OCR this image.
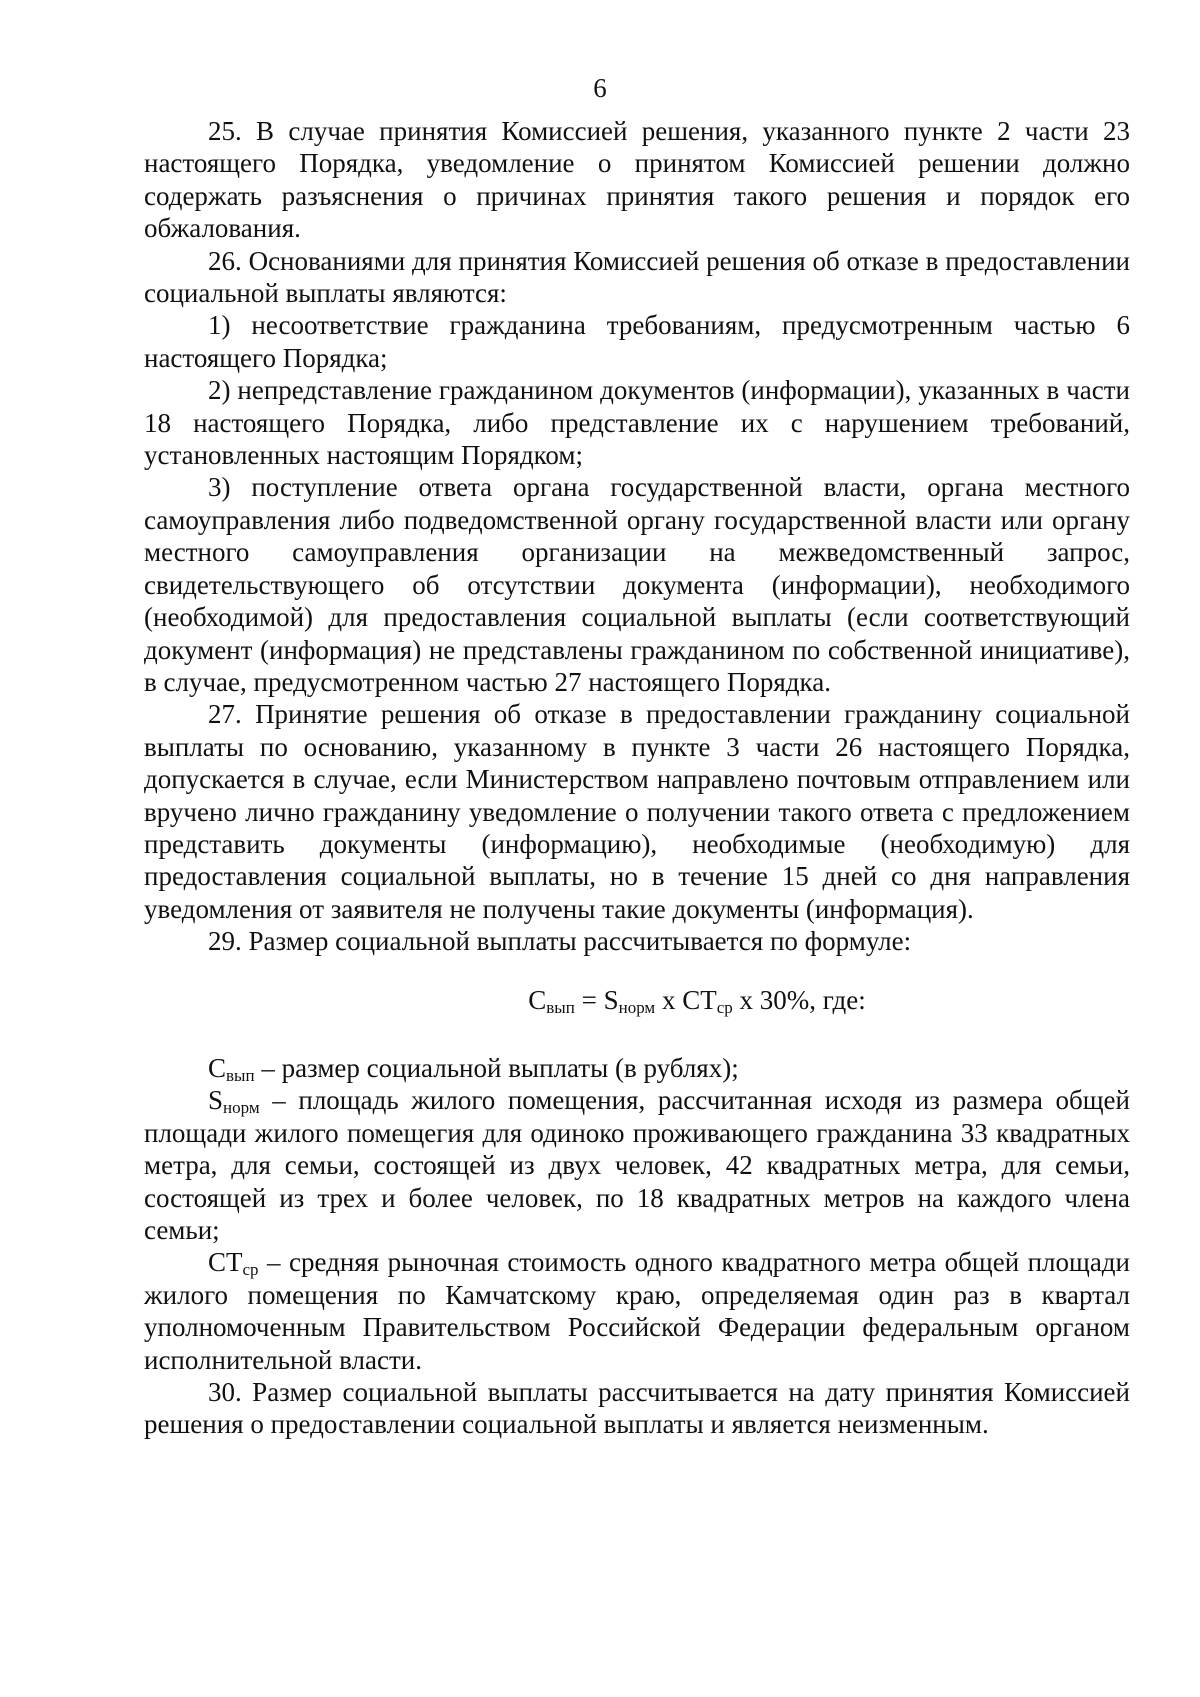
6

25. В случае принятия Комиссией решения, указанного пункте 2 части 23 настоящего Порядка, уведомление о принятом Комиссией решении должно содержать разъяснения о причинах принятия такого решения и порядок его обжалования.

26. Основаниями для принятия Комиссией решения об отказе в предоставлении социальной выплаты являются:

1) несоответствие гражданина требованиям, предусмотренным частью 6 настоящего Порядка;

2) непредставление гражданином документов (информации), указанных в части 18 настоящего Порядка, либо представление их с нарушением требований, установленных настоящим Порядком;

3) поступление ответа органа государственной власти, органа местного самоуправления либо подведомственной органу государственной власти или органу местного самоуправления организации на межведомственный запрос, свидетельствующего об отсутствии документа (информации), необходимого (необходимой) для предоставления социальной выплаты (если соответствующий документ (информация) не представлены гражданином по собственной инициативе), в случае, предусмотренном частью 27 настоящего Порядка.

27. Принятие решения об отказе в предоставлении гражданину социальной выплаты по основанию, указанному в пункте 3 части 26 настоящего Порядка, допускается в случае, если Министерством направлено почтовым отправлением или вручено лично гражданину уведомление о получении такого ответа с предложением представить документы (информацию), необходимые (необходимую) для предоставления социальной выплаты, но в течение 15 дней со дня направления уведомления от заявителя не получены такие документы (информация).

29. Размер социальной выплаты рассчитывается по формуле:

$С_{вып} = S_{норм}$ х $СТ_{ср}$ х 30%, где:

$С_{вып}$ – размер социальной выплаты (в рублях);

$S_{норм}$ – площадь жилого помещения, рассчитанная исходя из размера общей площади жилого помещегия для одиноко проживающего гражданина 33 квадратных метра, для семьи, состоящей из двух человек, 42 квадратных метра, для семьи, состоящей из трех и более человек, по 18 квадратных метров на каждого члена семьи;

$СТ_{ср}$ – средняя рыночная стоимость одного квадратного метра общей площади жилого помещения по Камчатскому краю, определяемая один раз в квартал уполномоченным Правительством Российской Федерации федеральным органом исполнительной власти.

30. Размер социальной выплаты рассчитывается на дату принятия Комиссией решения о предоставлении социальной выплаты и является неизменным.
